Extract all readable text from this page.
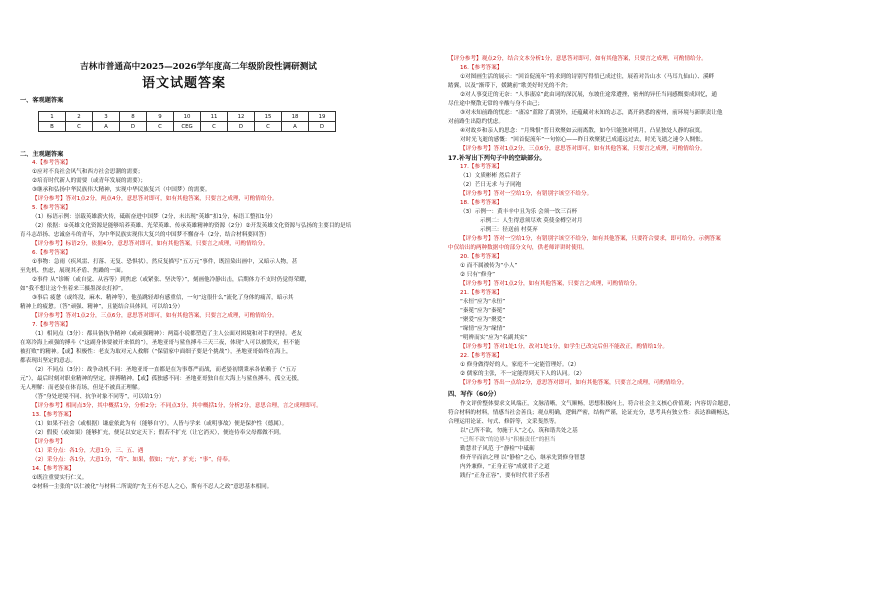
吉林市普通高中2025—2026学年度高二年级阶段性调研测试
语文试题答案
1	2	3	8	9	10	11	12	15	18	19
B	C	A	D	C	CEG	C	D	C	A	D
一、客观题答案
二、主观题答案
4.【参考答案】
①应对不良社会风气和西方社会思潮的需要；
②培育时代新人的需要（或青年发展的需要）；
③继承和弘扬中华民族伟大精神，实现中华民族复兴（中国梦）的需要。
【评分参考】答对1点2分，两点4分，意思答对即可，如有其他答案，只要言之成理，可酌情给分。
5.【参考答案】
（1）标语示例：崇载英雄薪火传，砥砺奋进中国梦（2分，未出现“英雄”扣1分，标语工整扣1分）
（2）依据：①英雄文化资源是能够培养英雄、光荣英雄、传承英雄精神的资源（2分）②开发英雄文化资源与弘扬的主要目的是培
育斗志昂扬、忠诚奋斗的青年，为中华民族实现伟大复兴的中国梦不懈奋斗（2分，结合材料要回答）
【评分参考】标语2分，依据4分，意思答对即可，如有其他答案，只要言之成理，可酌情给分。
6.【参考答案】
①事物：急雨（疾风雷、打落、无复、恐惧状），然反复描写“五万元”事件，既渲染出画中，又暗示人物，甚
至先机、焦虑，展现其矛盾、焦躁的一面。
②事件 从“诊断（或自觉、从容等）到焦虑（或紧张、坚决等）”，刻画他冷静出击，后期体力不支时仍觉得荣耀，
如“我不想让这个坐着来三摄墨深衣打掉”。
③事后 疲惫（或终没、麻木、精神等），他虽跳轻却有感重信，一句“这很什么”流化了身体的痛苦，暗示其
精神上的疲惫。（答“顽强、精神”，且能结合具体回，可以给1分）
【评分参考】答对1点2分，三点6分，意思答对即可，如有其他答案，只要言之成理，可酌情给分。
7.【参考答案】
（1）相同点（3分）：都具备执争精神（或顽强精神）：两篇小说都塑造了主人公面对困境和对手的坚持。老友
在寒冷海上顽强的搏斗（“这副身体要被开来似的”），圣地亚哥与鲨鱼搏斗三天三夜，体现“人可以被毁灭，但不能
被打败”的精神。【或】积极性：老友为取对元人救解（“保留家中面细子要是个挑战”），圣地亚哥始终在海上，
都表现出坚定的意志。
（2）不同点（3分）：战争动机不同：圣地亚哥一直都是在为事尊严而战，而老晏初期秉承各依赖于（“五万
元”），最后时刻对职业精神的坚定，拼搏精神。【或】孤独感不同：圣地亚哥独自在大海上与鲨鱼搏斗，孤立无援，
无人理解：而老晏在体育场，但是不被真正理解。
（答“身处逆境不同、抗争对象不同等”，可以给1分）
【评分参考】相同点3分，其中概括1分，分析2分；不同点3分，其中概括1分，分析2分，意思合理，言之成理即可。
13.【参考答案】
（1）如果不社会（或根据）谦虚依此为有（能够自守），人皆与学来（或明事故）便是保护性（德属）。
（2）假使（或如果）能够扩充，便足以安定天下；假若不扩充（让它消灭），便连侍奉父母都做不到。
【评分参考】
（1）采分点：各1分，大意1分，三、五、遇
（2）采分点：各1分，大意1分，“苟”、如果，假如；“充”，扩充；“事”，侍奉。
14.【参考答案】
①既注重要实行仁义。
②材料一主张的“以仁被化”与材料二所说的“先王有不忍人之心，斯有不忍人之政”意思基本相同。
【评分参考】观点2分，结合文本分析1分，意思答对即可，如有其他答案，只要言之成理，可酌情给分。
16.【参考答案】
①对图画生活的展示：“回首促流年”将求到的诗别写得悟已成过往，展着对告山水（马耳九仙山）、溪畔
踏翼，以及“渐带下，媛跳前”歌美好时光的不舍；
②对人事变迁的无奈：“人事凄凉”此由词的深沉展，东坡仕途常遭挫，密州的异任当同感慨要成回忆，通
尽仕途中聚散无常的辛酸与身不由己；
③对未知前路的忧虑：“凄凉”蓝除了离别外，还蕴藏对未知的忐忑，离开熟悉的密州，前环境与新职责让他
对前路生出隐约忧虑。
④对故乡和亲人的思念：“月殊恨”普日欢聚如云雨离散，如今只能独对明月，凸显独处人静的寂寞。
对时光飞逝的感慨：“回首促流年”一句惊心——昨日欢聚犹已成遥远过去，时光飞逝之速令人惆怅。
【评分参考】答对1点2分，三点6分，意思答对即可，如有其他答案，只要言之成理，可酌情给分。
17.补写出下列句子中的空缺部分。
17.【参考答案】
（1）文质彬彬 然后君子
（2）芒日无求 与子同袍
【评分参考】答对一空给1分，有错别字该空不给分。
18.【参考答案】
（3）示例一：黄丰辛中且为乐 会须一饮三百杯
示例二：人生得意须尽欢 莫使金樽空对月
示例三：径送前 村莫弃
【评分参考】答对一空给1分，有错别字该空不给分，如有其他答案，只要符合要求，即可给分。示例答案
中仅给出的两种数据中的部分文句，供老师评讲时使用。
20.【参考答案】
① 而不属被传为“小人”
② 只有“修身”
【评分参考】答对1点2分，如有其他答案，只要言之成理，可酌情给分。
21.【参考答案】
“永恒”应为“永恒”
“秦冕”应为“秦冕”
“聚爱”应为“聚爱”
“缘情”应为“缘情”
“明辨而实”应为“名副其实”
【评分参考】答对1处1分，改对1处1分，如学生已改完后但不能改正，酌情给1分。
22.【参考答案】
① 修身做得好的人，家庭不一定能管理好。（2）
② 儒家的主张，不一定能得到天下人的认同。（2）
【评分参考】答出一点给2分，意思答对即可，如有其他答案，只要言之成理，可酌情给分。
四、写作（60分）
作文评价整体要求文风端正，文脉清晰，文气顺畅，思想积极向上，符合社会主义核心价值观；内容切合题意，
符合材料的材料，情感当社会善良；观点明确，逻辑严密，结构严谨，论证充分，思考具有独立性：表达准确畅达，
合理运用论证、句式、修辞等，文采斐然等。
以“己所不欲，勿施于人”之心，筑和谐共处之基
“己所不欲”的边界与“积极责任”的担当
勤慧君子风范 于“静检”中砥砺
修齐平而治之理 以“静检”之心，继承先贤修身智慧
内外兼修，“正身正容”成就君子之道
践行“正身正容”，要有时代君子乐者
